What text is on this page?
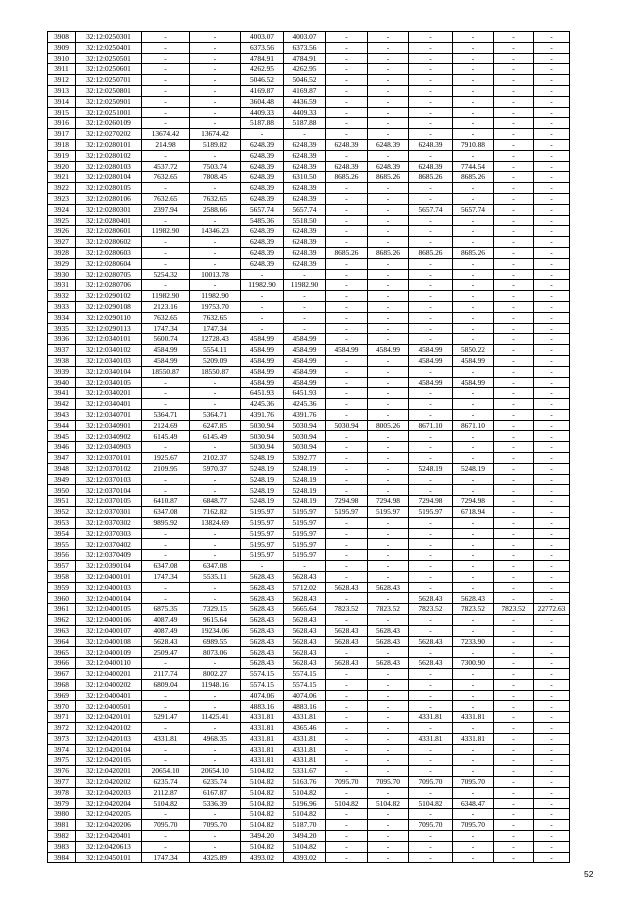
3908	32:12:0250301	-	-	4003.07	4003.07	-	-	-	-	-	-
3909	32:12:0250401	-	-	6373.56	6373.56	-	-	-	-	-	-
3910	32:12:0250501	-	-	4784.91	4784.91	-	-	-	-	-	-
3911	32:12:0250601	-	-	4262.95	4262.95	-	-	-	-	-	-
3912	32:12:0250701	-	-	5046.52	5046.52	-	-	-	-	-	-
3913	32:12:0250801	-	-	4169.87	4169.87	-	-	-	-	-	-
3914	32:12:0250901	-	-	3604.48	4436.59	-	-	-	-	-	-
3915	32:12:0251001	-	-	4409.33	4409.33	-	-	-	-	-	-
3916	32:12:0260109	-	-	5187.88	5187.88	-	-	-	-	-	-
3917	32:12:0270202	13674.42	13674.42	-	-	-	-	-	-	-	-
3918	32:12:0280101	214.98	5189.82	6248.39	6248.39	6248.39	6248.39	6248.39	7910.88	-	-
3919	32:12:0280102	-	-	6248.39	6248.39	-	-	-	-	-	-
3920	32:12:0280103	4537.72	7503.74	6248.39	6248.39	6248.39	6248.39	6248.39	7744.54	-	-
3921	32:12:0280104	7632.65	7808.45	6248.39	6310.50	8685.26	8685.26	8685.26	8685.26	-	-
3922	32:12:0280105	-	-	6248.39	6248.39	-	-	-	-	-	-
3923	32:12:0280106	7632.65	7632.65	6248.39	6248.39	-	-	-	-	-	-
3924	32:12:0280301	2397.94	2588.66	5657.74	5657.74	-	-	5657.74	5657.74	-	-
3925	32:12:0280401	-	-	5485.36	5518.50	-	-	-	-	-	-
3926	32:12:0280601	11982.90	14346.23	6248.39	6248.39	-	-	-	-	-	-
3927	32:12:0280602	-	-	6248.39	6248.39	-	-	-	-	-	-
3928	32:12:0280603	-	-	6248.39	6248.39	8685.26	8685.26	8685.26	8685.26	-	-
3929	32:12:0280604	-	-	6248.39	6248.39	-	-	-	-	-	-
3930	32:12:0280705	5254.32	10013.78	-	-	-	-	-	-	-	-
3931	32:12:0280706	-	-	11982.90	11982.90	-	-	-	-	-	-
3932	32:12:0290102	11982.90	11982.90	-	-	-	-	-	-	-	-
3933	32:12:0290108	2123.16	19753.70	-	-	-	-	-	-	-	-
3934	32:12:0290110	7632.65	7632.65	-	-	-	-	-	-	-	-
3935	32:12:0290113	1747.34	1747.34	-	-	-	-	-	-	-	-
3936	32:12:0340101	5600.74	12728.43	4584.99	4584.99	-	-	-	-	-	-
3937	32:12:0340102	4584.99	5554.11	4584.99	4584.99	4584.99	4584.99	4584.99	5850.22	-	-
3938	32:12:0340103	4584.99	5209.09	4584.99	4584.99	-	-	4584.99	4584.99	-	-
3939	32:12:0340104	18550.87	18550.87	4584.99	4584.99	-	-	-	-	-	-
3940	32:12:0340105	-	-	4584.99	4584.99	-	-	4584.99	4584.99	-	-
3941	32:12:0340201	-	-	6451.93	6451.93	-	-	-	-	-	-
3942	32:12:0340401	-	-	4245.36	4245.36	-	-	-	-	-	-
3943	32:12:0340701	5364.71	5364.71	4391.76	4391.76	-	-	-	-	-	-
3944	32:12:0340901	2124.69	6247.85	5030.94	5030.94	5030.94	8005.26	8671.10	8671.10	-	-
3945	32:12:0340902	6145.49	6145.49	5030.94	5030.94	-	-	-	-	-	-
3946	32:12:0340903	-	-	5030.94	5030.94	-	-	-	-	-	-
3947	32:12:0370101	1925.67	2102.37	5248.19	5392.77	-	-	-	-	-	-
3948	32:12:0370102	2109.95	5970.37	5248.19	5248.19	-	-	5248.19	5248.19	-	-
3949	32:12:0370103	-	-	5248.19	5248.19	-	-	-	-	-	-
3950	32:12:0370104	-	-	5248.19	5248.19	-	-	-	-	-	-
3951	32:12:0370105	6410.87	6848.77	5248.19	5248.19	7294.98	7294.98	7294.98	7294.98	-	-
3952	32:12:0370301	6347.08	7162.82	5195.97	5195.97	5195.97	5195.97	5195.97	6718.94	-	-
3953	32:12:0370302	9895.92	13824.69	5195.97	5195.97	-	-	-	-	-	-
3954	32:12:0370303	-	-	5195.97	5195.97	-	-	-	-	-	-
3955	32:12:0370402	-	-	5195.97	5195.97	-	-	-	-	-	-
3956	32:12:0370409	-	-	5195.97	5195.97	-	-	-	-	-	-
3957	32:12:0390104	6347.08	6347.08	-	-	-	-	-	-	-	-
3958	32:12:0400101	1747.34	5535.11	5628.43	5628.43	-	-	-	-	-	-
3959	32:12:0400103	-	-	5628.43	5712.02	5628.43	5628.43	-	-	-	-
3960	32:12:0400104	-	-	5628.43	5628.43	-	-	5628.43	5628.43	-	-
3961	32:12:0400105	6875.35	7329.15	5628.43	5665.64	7823.52	7823.52	7823.52	7823.52	7823.52	22772.63
3962	32:12:0400106	4087.49	9615.64	5628.43	5628.43	-	-	-	-	-	-
3963	32:12:0400107	4087.49	19234.06	5628.43	5628.43	5628.43	5628.43	-	-	-	-
3964	32:12:0400108	5628.43	6989.55	5628.43	5628.43	5628.43	5628.43	5628.43	7233.90	-	-
3965	32:12:0400109	2509.47	8073.06	5628.43	5628.43	-	-	-	-	-	-
3966	32:12:0400110	-	-	5628.43	5628.43	5628.43	5628.43	5628.43	7300.90	-	-
3967	32:12:0400201	2117.74	8002.27	5574.15	5574.15	-	-	-	-	-	-
3968	32:12:0400202	6809.04	11948.16	5574.15	5574.15	-	-	-	-	-	-
3969	32:12:0400401	-	-	4074.06	4074.06	-	-	-	-	-	-
3970	32:12:0400501	-	-	4883.16	4883.16	-	-	-	-	-	-
3971	32:12:0420101	5291.47	11425.41	4331.81	4331.81	-	-	4331.81	4331.81	-	-
3972	32:12:0420102	-	-	4331.81	4365.46	-	-	-	-	-	-
3973	32:12:0420103	4331.81	4968.35	4331.81	4331.81	-	-	4331.81	4331.81	-	-
3974	32:12:0420104	-	-	4331.81	4331.81	-	-	-	-	-	-
3975	32:12:0420105	-	-	4331.81	4331.81	-	-	-	-	-	-
3976	32:12:0420201	20654.10	20654.10	5104.82	5331.67	-	-	-	-	-	-
3977	32:12:0420202	6235.74	6235.74	5104.82	5163.76	7095.70	7095.70	7095.70	7095.70	-	-
3978	32:12:0420203	2112.87	6167.87	5104.82	5104.82	-	-	-	-	-	-
3979	32:12:0420204	5104.82	5336.39	5104.82	5196.96	5104.82	5104.82	5104.82	6348.47	-	-
3980	32:12:0420205	-	-	5104.82	5104.82	-	-	-	-	-	-
3981	32:12:0420206	7095.70	7095.70	5104.82	5187.70	-	-	7095.70	7095.70	-	-
3982	32:12:0420401	-	-	3494.20	3494.20	-	-	-	-	-	-
3983	32:12:0420613	-	-	5104.82	5104.82	-	-	-	-	-	-
3984	32:12:0450101	1747.34	4325.89	4393.02	4393.02	-	-	-	-	-	-
52
